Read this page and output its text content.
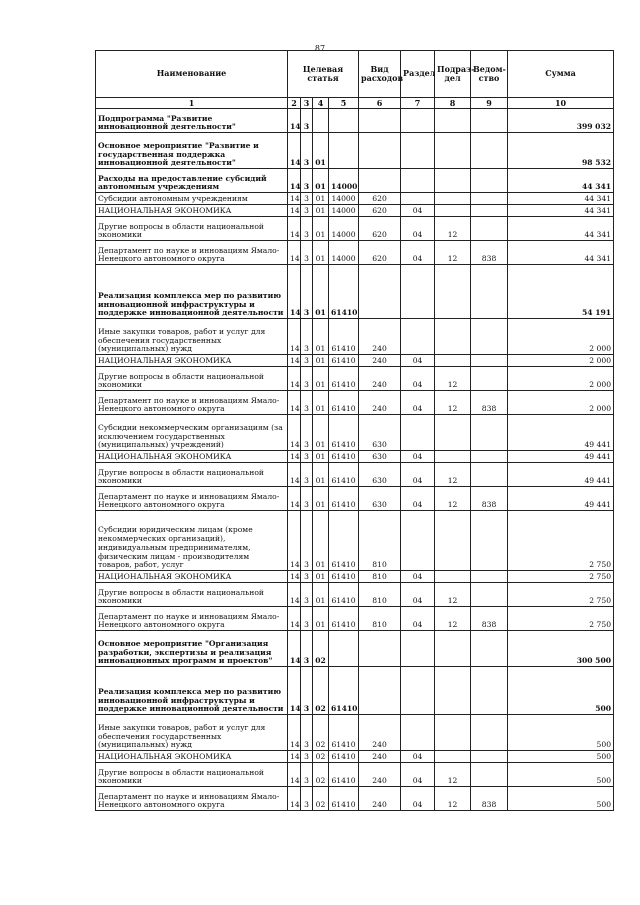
87
Наименование	Целевая статья				Вид расходов	Раздел	Подраз-дел	Ведом-ство	Сумма
1	2	3	4	5	6	7	8	9	10
Подпрограмма "Развитие инновационной деятельности"	14	3							399 032
Основное мероприятие "Развитие и государственная поддержка инновационной деятельности"	14	3	01						98 532
Расходы на предоставление субсидий автономным учреждениям	14	3	01	14000					44 341
Субсидии автономным учреждениям	14	3	01	14000	620				44 341
НАЦИОНАЛЬНАЯ ЭКОНОМИКА	14	3	01	14000	620	04			44 341
Другие вопросы в области национальной экономики	14	3	01	14000	620	04	12		44 341
Департамент по науке и инновациям Ямало-Ненецкого автономного округа	14	3	01	14000	620	04	12	838	44 341
Реализация комплекса мер по развитию инновационной инфраструктуры и поддержке инновационной деятельности	14	3	01	61410					54 191
Иные закупки товаров, работ и услуг для обеспечения государственных (муниципальных) нужд	14	3	01	61410	240				2 000
НАЦИОНАЛЬНАЯ ЭКОНОМИКА	14	3	01	61410	240	04			2 000
Другие вопросы в области национальной экономики	14	3	01	61410	240	04	12		2 000
Департамент по науке и инновациям Ямало-Ненецкого автономного округа	14	3	01	61410	240	04	12	838	2 000
Субсидии некоммерческим организациям (за исключением государственных (муниципальных) учреждений)	14	3	01	61410	630				49 441
НАЦИОНАЛЬНАЯ ЭКОНОМИКА	14	3	01	61410	630	04			49 441
Другие вопросы в области национальной экономики	14	3	01	61410	630	04	12		49 441
Департамент по науке и инновациям Ямало-Ненецкого автономного округа	14	3	01	61410	630	04	12	838	49 441
Субсидии юридическим лицам (кроме некоммерческих организаций), индивидуальным предпринимателям, физическим лицам - производителям товаров, работ, услуг	14	3	01	61410	810				2 750
НАЦИОНАЛЬНАЯ ЭКОНОМИКА	14	3	01	61410	810	04			2 750
Другие вопросы в области национальной экономики	14	3	01	61410	810	04	12		2 750
Департамент по науке и инновациям Ямало-Ненецкого автономного округа	14	3	01	61410	810	04	12	838	2 750
Основное мероприятие "Организация разработки, экспертизы и реализация инновационных программ и проектов"	14	3	02						300 500
Реализация комплекса мер по развитию инновационной инфраструктуры и поддержке инновационной деятельности	14	3	02	61410					500
Иные закупки товаров, работ и услуг для обеспечения государственных (муниципальных) нужд	14	3	02	61410	240				500
НАЦИОНАЛЬНАЯ ЭКОНОМИКА	14	3	02	61410	240	04			500
Другие вопросы в области национальной экономики	14	3	02	61410	240	04	12		500
Департамент по науке и инновациям Ямало-Ненецкого автономного округа	14	3	02	61410	240	04	12	838	500
